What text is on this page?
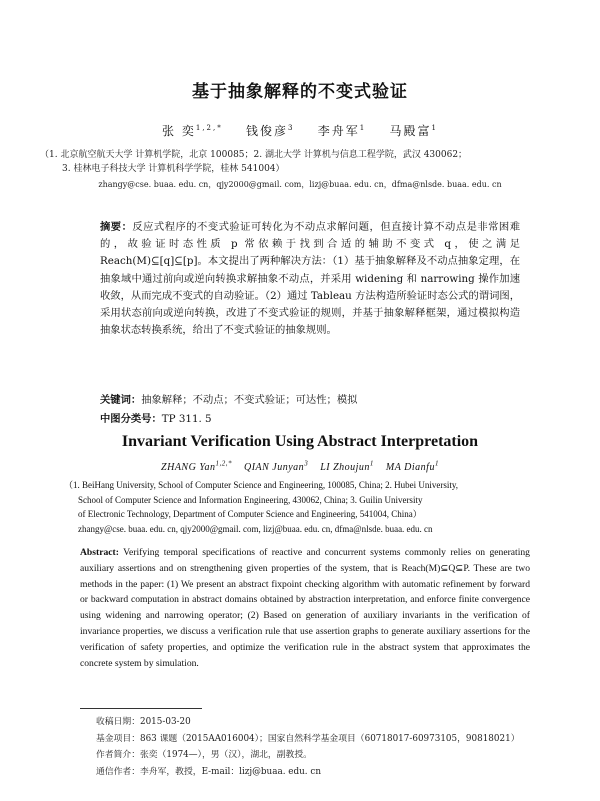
基于抽象解释的不变式验证
张 奕$^{1,2,*}$ 钱俊彦$^3$ 李舟军$^1$ 马殿富$^1$
（1. 北京航空航天大学 计算机学院，北京 100085；2. 湖北大学 计算机与信息工程学院，武汉 430062；
3. 桂林电子科技大学 计算机科学学院，桂林 541004）
zhangy@cse. buaa. edu. cn，qjy2000@gmail. com，lizj@buaa. edu. cn，dfma@nlsde. buaa. edu. cn
摘要：反应式程序的不变式验证可转化为不动点求解问题，但直接计算不动点是非常困难的，故验证时态性质 p 常依赖于找到合适的辅助不变式 q，使之满足 Reach(M)⊆[q]⊆[p]。本文提出了两种解决方法：（1）基于抽象解释及不动点抽象定理，在抽象域中通过前向或逆向转换求解抽象不动点，并采用 widening 和 narrowing 操作加速收敛，从而完成不变式的自动验证。（2）通过 Tableau 方法构造所验证时态公式的谓词图，采用状态前向或逆向转换，改进了不变式验证的规则，并基于抽象解释框架，通过模拟构造抽象状态转换系统，给出了不变式验证的抽象规则。
关键词：抽象解释；不动点；不变式验证；可达性；模拟
中图分类号：TP 311. 5
Invariant Verification Using Abstract Interpretation
ZHANG Yan$^{1,2,*}$ QIAN Junyan$^3$ LI Zhoujun$^1$ MA Dianfu$^1$
（1. BeiHang University, School of Computer Science and Engineering, 100085, China; 2. Hubei University,
School of Computer Science and Information Engineering, 430062, China; 3. Guilin University
of Electronic Technology, Department of Computer Science and Engineering, 541004, China）
zhangy@cse. buaa. edu. cn, qjy2000@gmail. com, lizj@buaa. edu. cn, dfma@nlsde. buaa. edu. cn
Abstract: Verifying temporal specifications of reactive and concurrent systems commonly relies on generating auxiliary assertions and on strengthening given properties of the system, that is Reach(M)⊆Q⊆P. These are two methods in the paper: (1) We present an abstract fixpoint checking algorithm with automatic refinement by forward or backward computation in abstract domains obtained by abstraction interpretation, and enforce finite convergence using widening and narrowing operator; (2) Based on generation of auxiliary invariants in the verification of invariance properties, we discuss a verification rule that use assertion graphs to generate auxiliary assertions for the verification of safety properties, and optimize the verification rule in the abstract system that approximates the concrete system by simulation.
收稿日期：2015-03-20
基金项目：863 课题（2015AA016004）；国家自然科学基金项目（60718017-60973105，90818021）
作者简介：张奕（1974—），男（汉），湖北，副教授。
通信作者：李舟军，教授，E-mail：lizj@buaa. edu. cn
